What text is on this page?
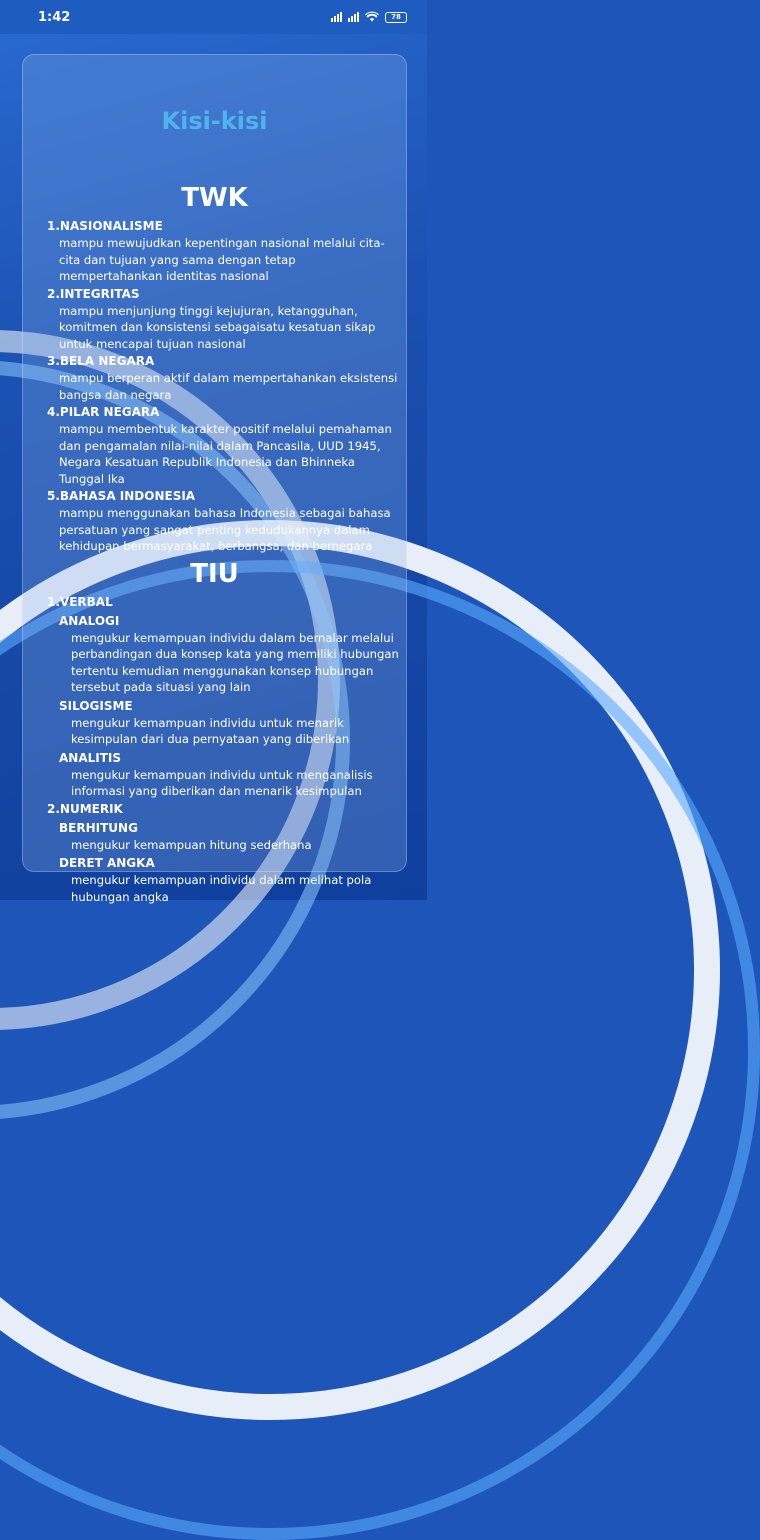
1:42	78
Kisi-kisi
TWK
1.NASIONALISME
mampu mewujudkan kepentingan nasional melalui cita-cita dan tujuan yang sama dengan tetap mempertahankan identitas nasional
2.INTEGRITAS
mampu menjunjung tinggi kejujuran, ketangguhan, komitmen dan konsistensi sebagaisatu kesatuan sikap untuk mencapai tujuan nasional
3.BELA NEGARA
mampu berperan aktif dalam mempertahankan eksistensi bangsa dan negara
4.PILAR NEGARA
mampu membentuk karakter positif melalui pemahaman dan pengamalan nilai-nilai dalam Pancasila, UUD 1945, Negara Kesatuan Republik Indonesia dan Bhinneka Tunggal Ika
5.BAHASA INDONESIA
mampu menggunakan bahasa Indonesia sebagai bahasa persatuan yang sangat penting kedudukannya dalam kehidupan bermasyarakat, berbangsa, dan bernegara
TIU
1.VERBAL
ANALOGI
mengukur kemampuan individu dalam bernalar melalui perbandingan dua konsep kata yang memiliki hubungan tertentu kemudian menggunakan konsep hubungan tersebut pada situasi yang lain
SILOGISME
mengukur kemampuan individu untuk menarik kesimpulan dari dua pernyataan yang diberikan
ANALITIS
mengukur kemampuan individu untuk menganalisis informasi yang diberikan dan menarik kesimpulan
2.NUMERIK
BERHITUNG
mengukur kemampuan hitung sederhana
DERET ANGKA
mengukur kemampuan individu dalam melihat pola hubungan angka
